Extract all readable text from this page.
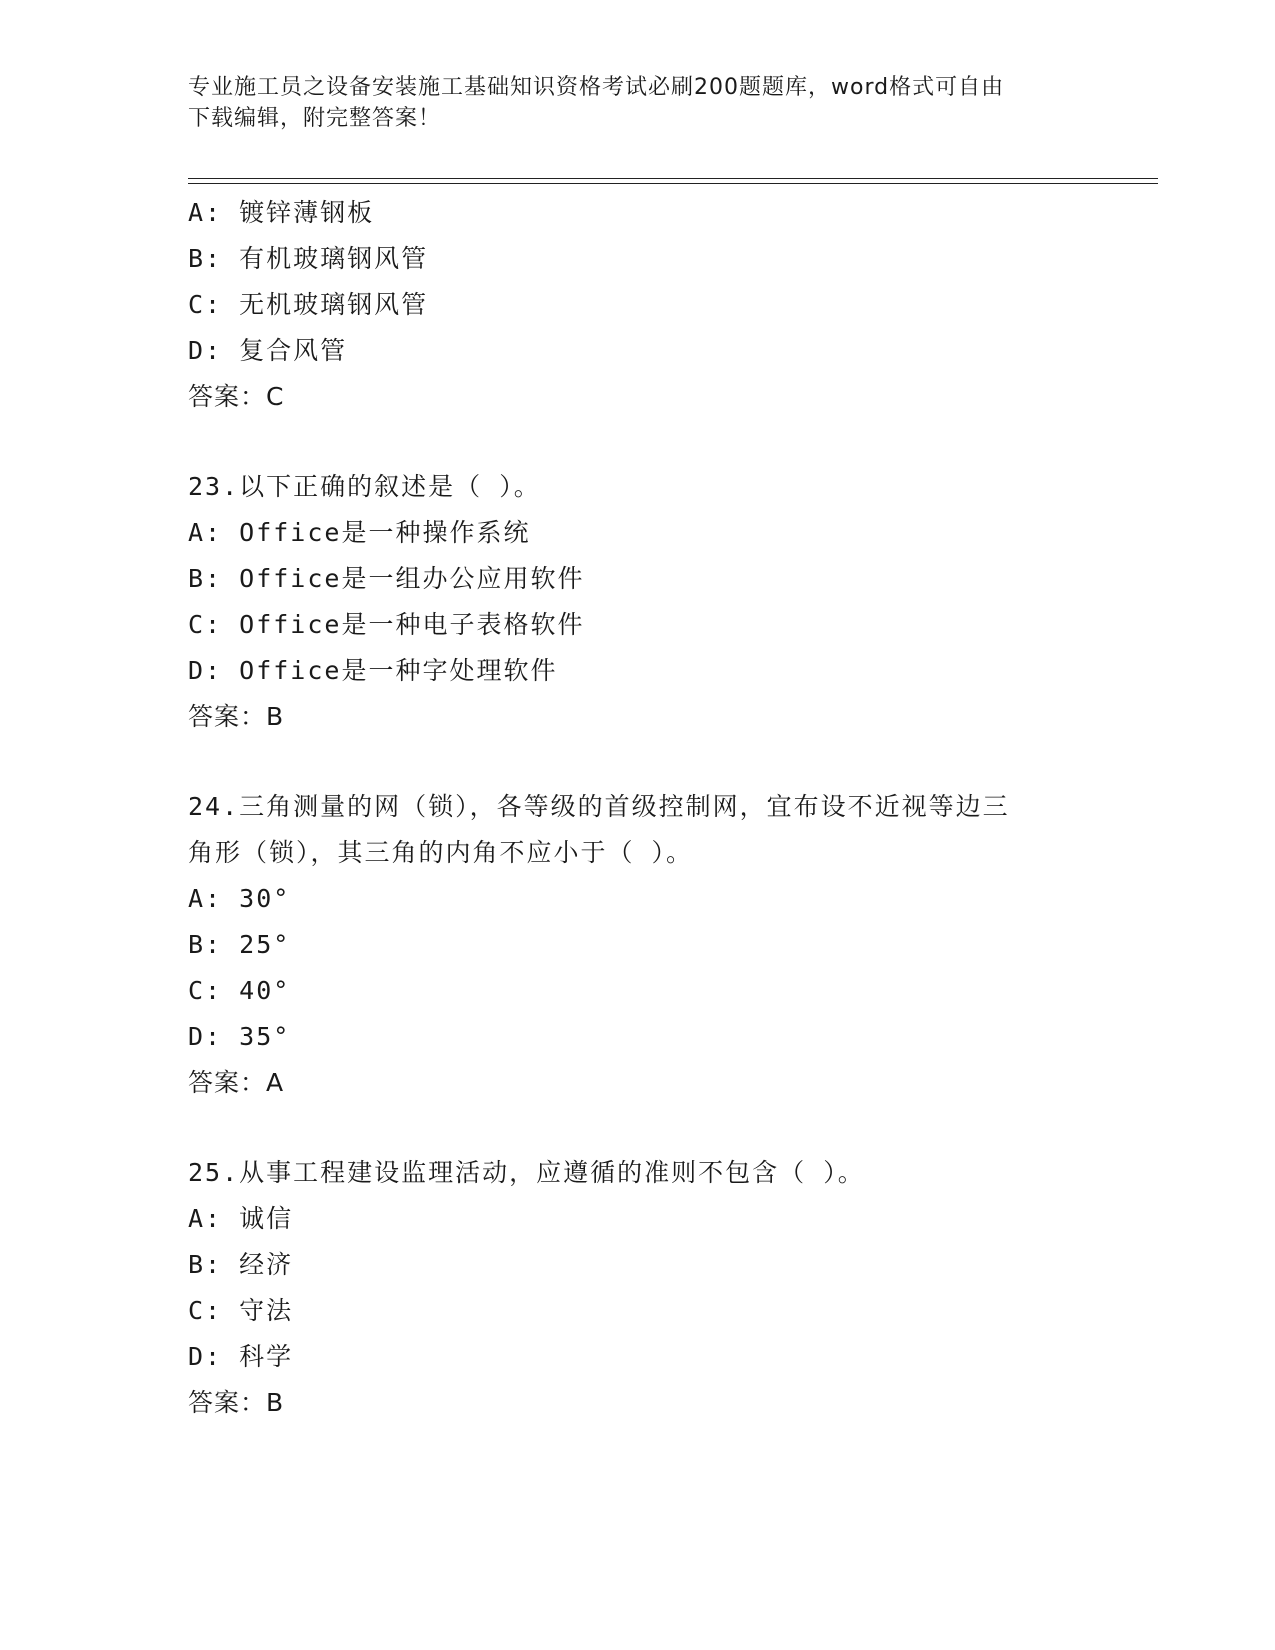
专业施工员之设备安装施工基础知识资格考试必刷200题题库，word格式可自由
下载编辑，附完整答案！
A: 镀锌薄钢板
B: 有机玻璃钢风管
C: 无机玻璃钢风管
D: 复合风管
答案：C
23.以下正确的叙述是（ ）。
A: Office是一种操作系统
B: Office是一组办公应用软件
C: Office是一种电子表格软件
D: Office是一种字处理软件
答案：B
24.三角测量的网（锁），各等级的首级控制网，宜布设不近视等边三
角形（锁），其三角的内角不应小于（ ）。
A: 30°
B: 25°
C: 40°
D: 35°
答案：A
25.从事工程建设监理活动，应遵循的准则不包含（ ）。
A: 诚信
B: 经济
C: 守法
D: 科学
答案：B
